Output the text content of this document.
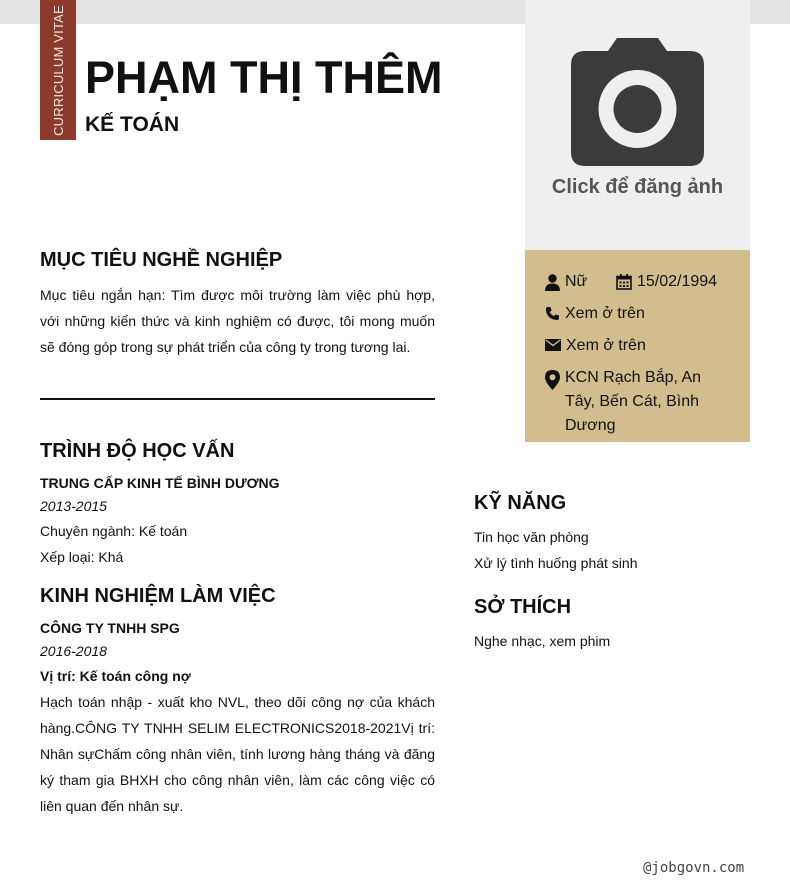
CURRICULUM VITAE PHẠM THỊ THÊM
KẾ TOÁN
Click để đăng ảnh
Nữ	15/02/1994
Xem ở trên
Xem ở trên
KCN Rạch Bắp, An Tây, Bến Cát, Bình Dương
MỤC TIÊU NGHỀ NGHIỆP

Mục tiêu ngắn hạn: Tìm được môi trường làm việc phù hợp, với những kiến thức và kinh nghiệm có được, tôi mong muốn sẽ đóng góp trong sự phát triển của công ty trong tương lai.

TRÌNH ĐỘ HỌC VẤN
TRUNG CẤP KINH TẾ BÌNH DƯƠNG
2013-2015
Chuyên ngành: Kế toán
Xếp loại: Khá
KINH NGHIỆM LÀM VIỆC
CÔNG TY TNHH SPG
2016-2018
Vị trí: Kế toán công nợ

Hạch toán nhập - xuất kho NVL, theo dõi công nợ của khách hàng.CÔNG TY TNHH SELIM ELECTRONICS2018-2021Vị trí: Nhân sựChấm công nhân viên, tính lương hàng tháng và đăng ký tham gia BHXH cho công nhân viên, làm các công việc có liên quan đến nhân sự.

KỸ NĂNG
Tin học văn phòng
Xử lý tình huống phát sinh
SỞ THÍCH
Nghe nhạc, xem phim
@jobgovn.com
